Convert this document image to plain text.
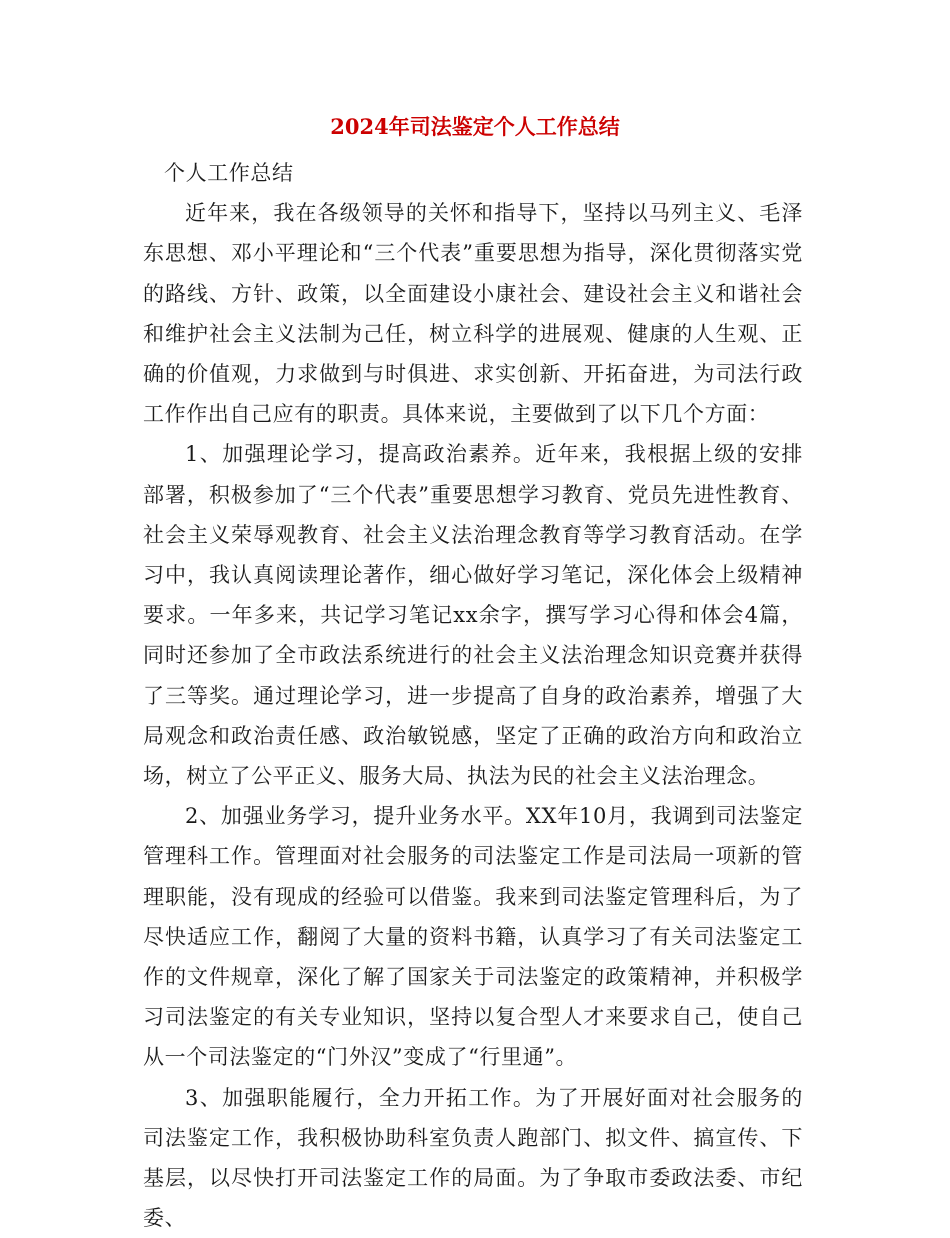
2024年司法鉴定个人工作总结

个人工作总结

近年来，我在各级领导的关怀和指导下，坚持以马列主义、毛泽东思想、邓小平理论和“三个代表”重要思想为指导，深化贯彻落实党的路线、方针、政策，以全面建设小康社会、建设社会主义和谐社会和维护社会主义法制为己任，树立科学的进展观、健康的人生观、正确的价值观，力求做到与时俱进、求实创新、开拓奋进，为司法行政工作作出自己应有的职责。具体来说，主要做到了以下几个方面：

1、加强理论学习，提高政治素养。近年来，我根据上级的安排部署，积极参加了“三个代表”重要思想学习教育、党员先进性教育、社会主义荣辱观教育、社会主义法治理念教育等学习教育活动。在学习中，我认真阅读理论著作，细心做好学习笔记，深化体会上级精神要求。一年多来，共记学习笔记xx余字，撰写学习心得和体会4篇，同时还参加了全市政法系统进行的社会主义法治理念知识竞赛并获得了三等奖。通过理论学习，进一步提高了自身的政治素养，增强了大局观念和政治责任感、政治敏锐感，坚定了正确的政治方向和政治立场，树立了公平正义、服务大局、执法为民的社会主义法治理念。

2、加强业务学习，提升业务水平。XX年10月，我调到司法鉴定管理科工作。管理面对社会服务的司法鉴定工作是司法局一项新的管理职能，没有现成的经验可以借鉴。我来到司法鉴定管理科后，为了尽快适应工作，翻阅了大量的资料书籍，认真学习了有关司法鉴定工作的文件规章，深化了解了国家关于司法鉴定的政策精神，并积极学习司法鉴定的有关专业知识，坚持以复合型人才来要求自己，使自己从一个司法鉴定的“门外汉”变成了“行里通”。

3、加强职能履行，全力开拓工作。为了开展好面对社会服务的司法鉴定工作，我积极协助科室负责人跑部门、拟文件、搞宣传、下基层，以尽快打开司法鉴定工作的局面。为了争取市委政法委、市纪委、
